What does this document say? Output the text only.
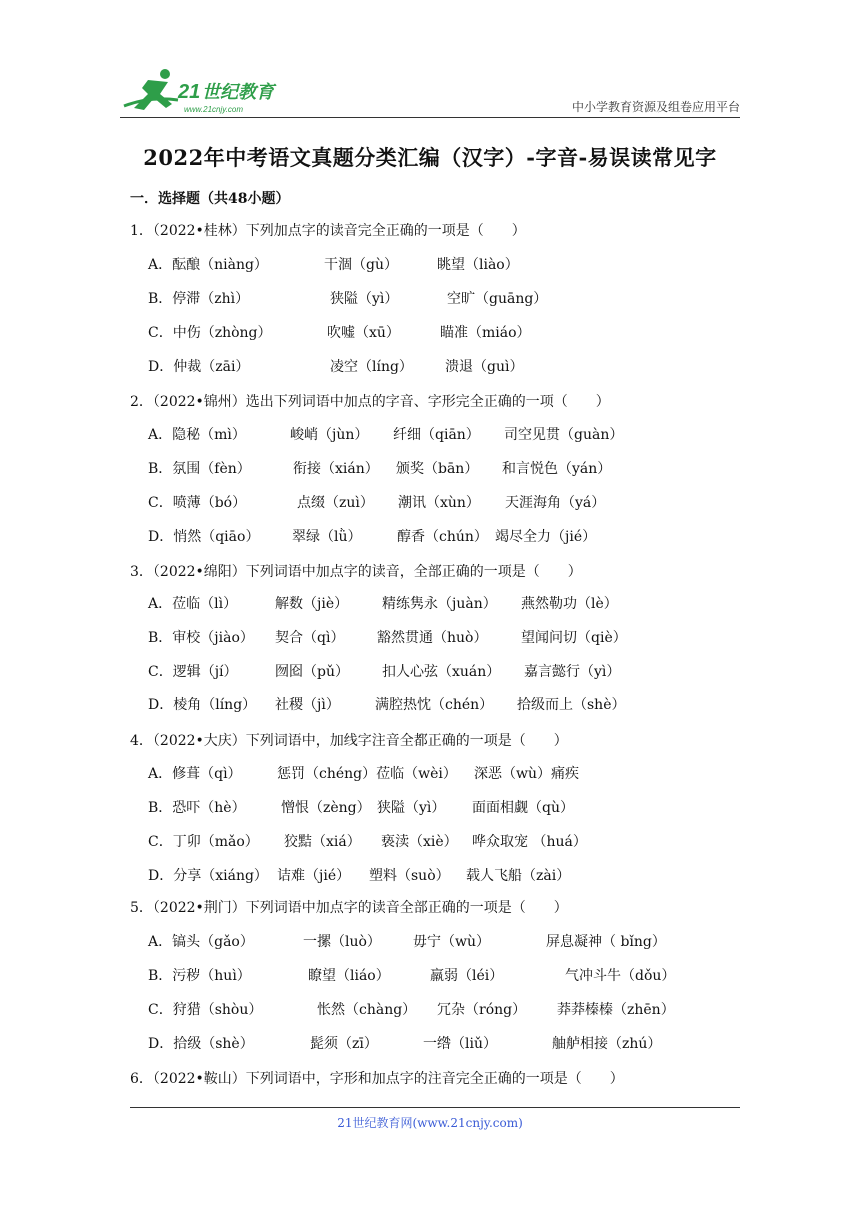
21 世纪教育
www.21cnjy.com	中小学教育资源及组卷应用平台
2022年中考语文真题分类汇编（汉字）-字音-易误读常见字
一．选择题（共48小题）
1．（2022•桂林）下列加点字的读音完全正确的一项是（　　）
A．酝酿（niàng）	干涸（gù）	眺望（liào）
B．停滞（zhì）	狭隘（yì）	空旷（guāng）
C．中伤（zhòng）	吹嘘（xū）	瞄准（miáo）
D．仲裁（zāi）	凌空（líng） 溃退（guì）
2．（2022•锦州）选出下列词语中加点的字音、字形完全正确的一项（　　）
A．隐秘（mì）	峻峭（jùn） 纤细（qiān） 司空见贯（guàn）
B．氛围（fèn）	衔接（xián） 颁奖（bān） 和言悦色（yán）
C．喷薄（bó）	点缀（zuì） 潮讯（xùn） 天涯海角（yá）
D．悄然（qiāo） 翠绿（lǜ）	醇香（chún） 竭尽全力（jié）
3．（2022•绵阳）下列词语中加点字的读音，全部正确的一项是（　　）
A．莅临（lì）	解数（jiè） 精练隽永（juàn） 燕然勒功（lè）
B．审校（jiào） 契合（qì） 豁然贯通（huò） 望闻问切（qiè）
C．逻辑（jí）	囫囵（pǔ） 扣人心弦（xuán） 嘉言懿行（yì）
D．棱角（líng） 社稷（jì）	满腔热忱（chén） 拾级而上（shè）
4．（2022•大庆）下列词语中，加线字注音全都正确的一项是（　　）
A．修葺（qì）	惩罚（chéng）莅临（wèi） 深恶（wù）痛疾
B．恐吓（hè）	憎恨（zèng） 狭隘（yì） 面面相觑（qù）
C．丁卯（mǎo） 狡黠（xiá） 亵渎（xiè） 哗众取宠 （huá）
D．分享（xiáng） 诘难（jié） 塑料（suò） 载人飞船（zài）
5．（2022•荆门）下列词语中加点字的读音全部正确的一项是（　　）
A．镐头（gǎo）	一摞（luò） 毋宁（wù）	屏息凝神（ bǐng）
B．污秽（huì）	瞭望（liáo）	羸弱（léi）	气冲斗牛（dǒu）
C．狩猎（shòu）	怅然（chàng） 冗杂（róng） 莽莽榛榛（zhēn）
D．拾级（shè）	髭须（zī）	一绺（liǔ）	舳舻相接（zhú）
6．（2022•鞍山）下列词语中，字形和加点字的注音完全正确的一项是（　　）
21世纪教育网(www.21cnjy.com)
